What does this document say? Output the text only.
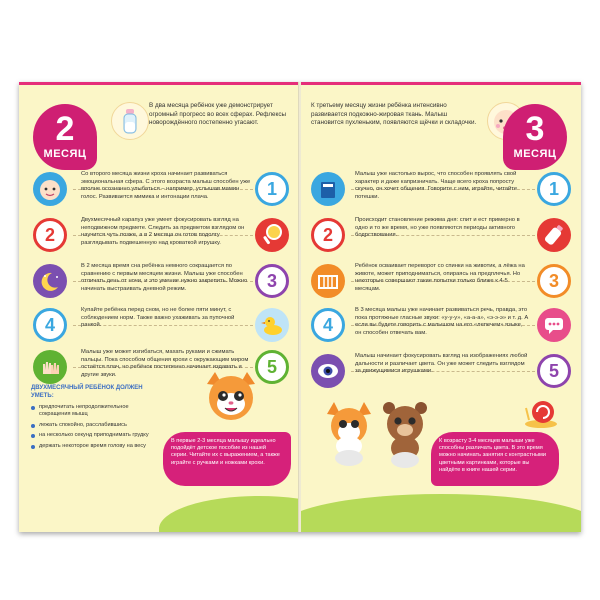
2
МЕСЯЦ
В два месяца ребёнок уже демонстрирует огромный прогресс во всех сферах. Рефлексы новорождённого постепенно угасают.
Со второго месяца жизни кроха начинает развиваться эмоциональная сфера. С этого возраста малыш способен уже вполне осознанно улыбаться – например, услышав мамин голос. Развивается мимика и интонации плача.	1
2
Двухмесячный карапуз уже умеет фокусировать взгляд на неподвижном предмете. Следить за предметом взглядом он научится чуть позже, а в 2 месяца он готов подолгу разглядывать подвешенную над кроваткой игрушку.
В 2 месяца время сна ребёнка немного сокращается по сравнению с первым месяцем жизни. Малыш уже способен отличать день от ночи, и это умение нужно закрепить. Можно начинать выстраивать дневной режим.	3
4
Купайте ребёнка перед сном, но не более пяти минут, с соблюдением норм. Также важно ухаживать за пупочной ранкой.
Малыш уже может изгибаться, махать руками и сжимать пальцы. Пока способом общения крохи с окружающим миром остаётся плач, но ребёнок постепенно начинает издавать и другие звуки.	5
ДВУХМЕСЯЧНЫЙ РЕБЁНОК ДОЛЖЕН УМЕТЬ:
предпочитать непродолжительное сокращения мышц
лежать спокойно, расслабившись
на несколько секунд приподнимать грудку
держать некоторое время голову на весу
В первые 2-3 месяца малышу идеально подойдёт детское пособие из нашей серии. Читайте их с выражением, а также играйте с ручками и ножками крохи.
К третьему месяцу жизни ребёнка интенсивно развивается подкожно-жировая ткань. Малыш становится пухленьким, появляются щёчки и складочки.	3
МЕСЯЦ
Малыш уже настолько вырос, что способен проявлять свой характер и даже капризничать. Чаще всего кроха попросту скучно, он хочет общения. Говорите с ним, играйте, читайте потешки.	1
2
Происходит становление режима дня: спит и ест примерно в одно и то же время, но уже появляются периоды активного бодрствования.
Ребёнок осваивает переворот со спинки на животик, а лёжа на животе, может приподниматься, опираясь на предплечья. Но некоторые совершают такие попытки только ближе к 4-5 месяцам.	3
4
В 3 месяца малыш уже начинает развиваться речь, правда, это пока протяжные гласные звуки: «у-у-у», «а-а-а», «э-э-э» и т. д. А если вы будете говорить с малышом на его «лепечем» языке, он способен отвечать вам.
Малыш начинает фокусировать взгляд на изображениях любой дальности и различает цвета. Он уже может следить взглядом за движущимися игрушками.	5
К возрасту 3-4 месяцев малыши уже способны различать цвета. В это время можно начинать занятия с контрастными цветными картинками, которые вы найдёте в книге нашей серии.
